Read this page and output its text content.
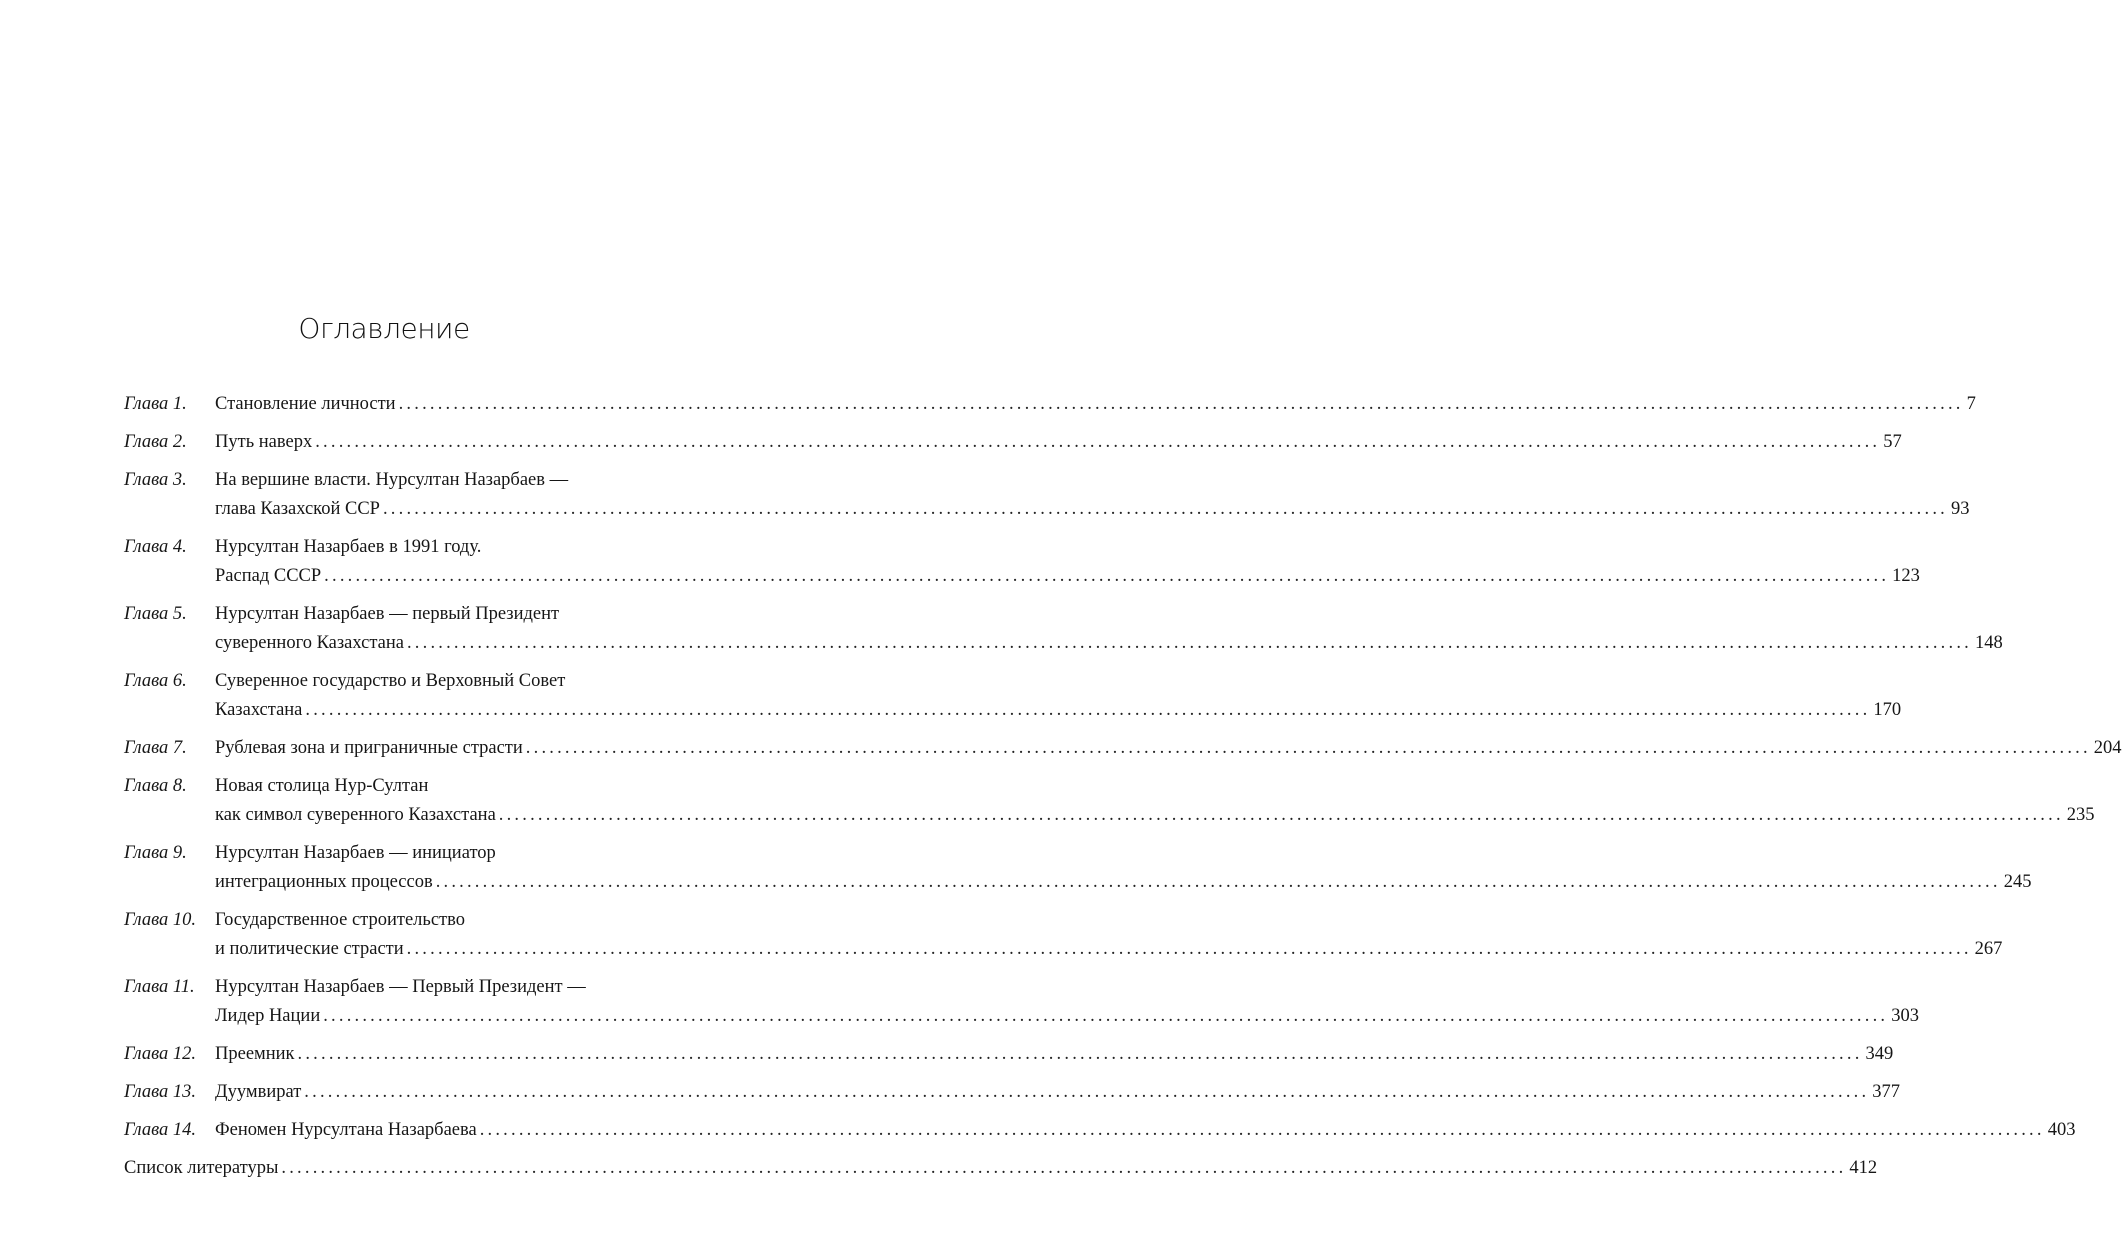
Оглавление
Глава 1.	Становление личности ........................................................................................................................................................................................................ 7
Глава 2.	Путь наверх ........................................................................................................................................................................................................ 57
Глава 3.	На вершине власти. Нурсултан Назарбаев —
глава Казахской ССР ........................................................................................................................................................................................................ 93
Глава 4.	Нурсултан Назарбаев в 1991 году.
Распад СССР ........................................................................................................................................................................................................ 123
Глава 5.	Нурсултан Назарбаев — первый Президент
суверенного Казахстана ........................................................................................................................................................................................................ 148
Глава 6.	Суверенное государство и Верховный Совет
Казахстана ........................................................................................................................................................................................................ 170
Глава 7.	Рублевая зона и приграничные страсти ........................................................................................................................................................................................................ 204
Глава 8.	Новая столица Нур-Султан
как символ суверенного Казахстана ........................................................................................................................................................................................................ 235
Глава 9.	Нурсултан Назарбаев — инициатор
интеграционных процессов ........................................................................................................................................................................................................ 245
Глава 10.	Государственное строительство
и политические страсти ........................................................................................................................................................................................................ 267
Глава 11.	Нурсултан Назарбаев — Первый Президент —
Лидер Нации ........................................................................................................................................................................................................ 303
Глава 12.	Преемник ........................................................................................................................................................................................................ 349
Глава 13.	Дуумвират ........................................................................................................................................................................................................ 377
Глава 14.	Феномен Нурсултана Назарбаева ........................................................................................................................................................................................................ 403
Список литературы ........................................................................................................................................................................................................ 412
